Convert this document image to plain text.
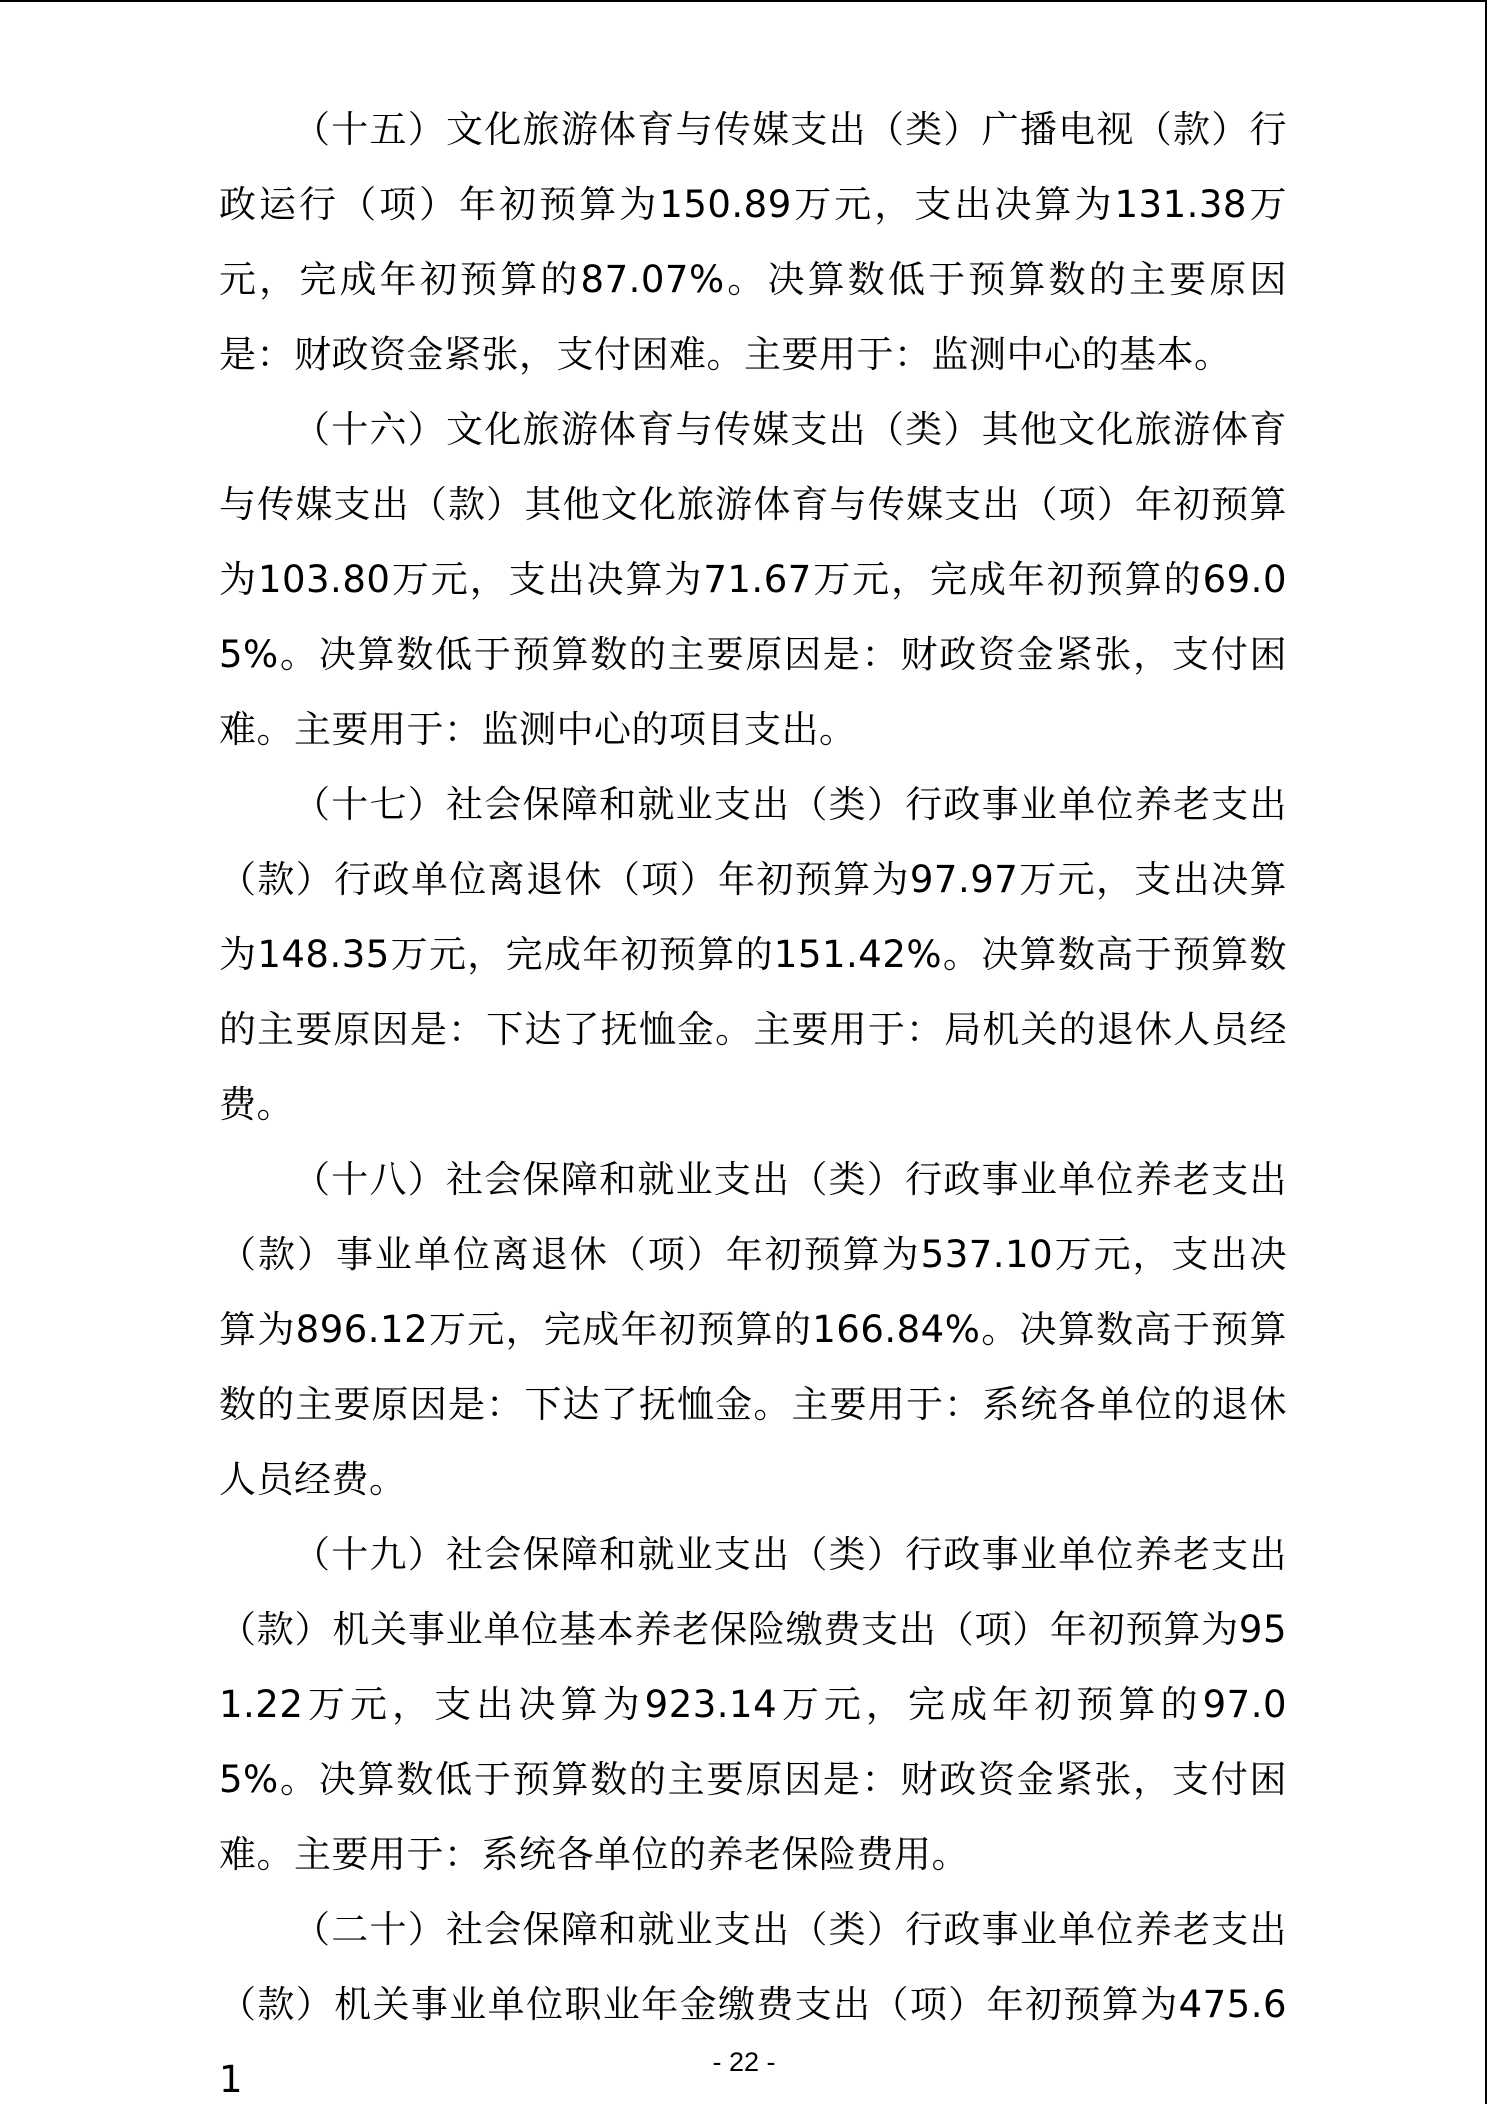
（十五）文化旅游体育与传媒支出（类）广播电视（款）行政运行（项）年初预算为150.89万元，支出决算为131.38万元，完成年初预算的87.07%。决算数低于预算数的主要原因是：财政资金紧张，支付困难。主要用于：监测中心的基本。

（十六）文化旅游体育与传媒支出（类）其他文化旅游体育与传媒支出（款）其他文化旅游体育与传媒支出（项）年初预算为103.80万元，支出决算为71.67万元，完成年初预算的69.05%。决算数低于预算数的主要原因是：财政资金紧张，支付困难。主要用于：监测中心的项目支出。

（十七）社会保障和就业支出（类）行政事业单位养老支出（款）行政单位离退休（项）年初预算为97.97万元，支出决算为148.35万元，完成年初预算的151.42%。决算数高于预算数的主要原因是：下达了抚恤金。主要用于：局机关的退休人员经费。

（十八）社会保障和就业支出（类）行政事业单位养老支出（款）事业单位离退休（项）年初预算为537.10万元，支出决算为896.12万元，完成年初预算的166.84%。决算数高于预算数的主要原因是：下达了抚恤金。主要用于：系统各单位的退休人员经费。

（十九）社会保障和就业支出（类）行政事业单位养老支出（款）机关事业单位基本养老保险缴费支出（项）年初预算为951.22万元，支出决算为923.14万元，完成年初预算的97.05%。决算数低于预算数的主要原因是：财政资金紧张，支付困难。主要用于：系统各单位的养老保险费用。

（二十）社会保障和就业支出（类）行政事业单位养老支出（款）机关事业单位职业年金缴费支出（项）年初预算为475.61	- 22 -
